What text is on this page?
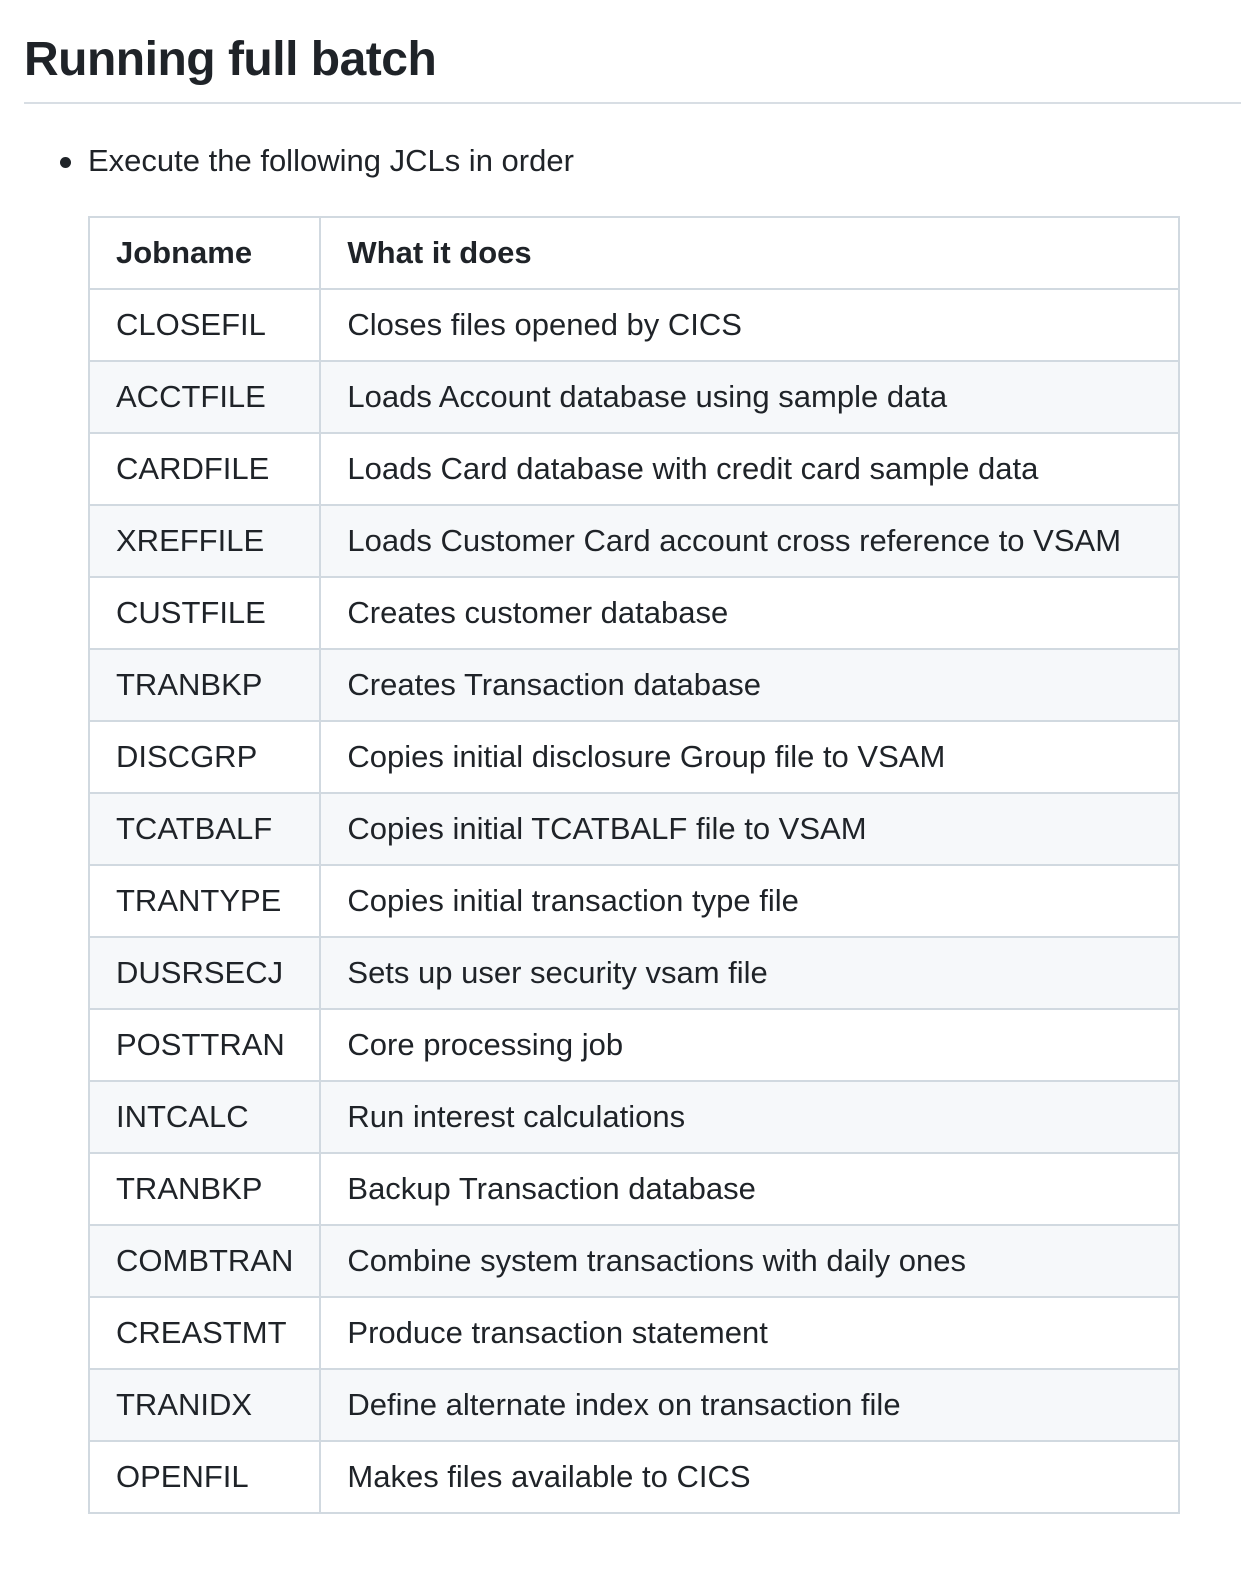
Running full batch
Execute the following JCLs in order
Jobname	What it does
CLOSEFIL	Closes files opened by CICS
ACCTFILE	Loads Account database using sample data
CARDFILE	Loads Card database with credit card sample data
XREFFILE	Loads Customer Card account cross reference to VSAM
CUSTFILE	Creates customer database
TRANBKP	Creates Transaction database
DISCGRP	Copies initial disclosure Group file to VSAM
TCATBALF	Copies initial TCATBALF file to VSAM
TRANTYPE	Copies initial transaction type file
DUSRSECJ	Sets up user security vsam file
POSTTRAN	Core processing job
INTCALC	Run interest calculations
TRANBKP	Backup Transaction database
COMBTRAN	Combine system transactions with daily ones
CREASTMT	Produce transaction statement
TRANIDX	Define alternate index on transaction file
OPENFIL	Makes files available to CICS
